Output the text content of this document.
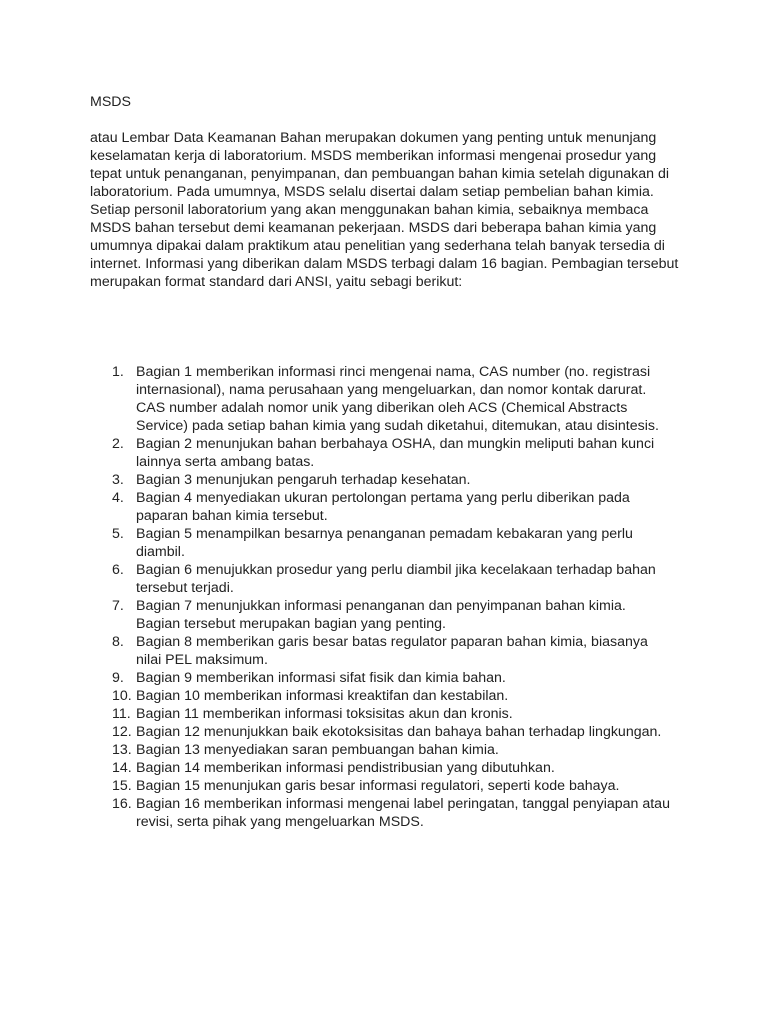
MSDS

atau Lembar Data Keamanan Bahan merupakan dokumen yang penting untuk menunjang keselamatan kerja di laboratorium. MSDS memberikan informasi mengenai prosedur yang tepat untuk penanganan, penyimpanan, dan pembuangan bahan kimia setelah digunakan di laboratorium. Pada umumnya, MSDS selalu disertai dalam setiap pembelian bahan kimia. Setiap personil laboratorium yang akan menggunakan bahan kimia, sebaiknya membaca MSDS bahan tersebut demi keamanan pekerjaan. MSDS dari beberapa bahan kimia yang umumnya dipakai dalam praktikum atau penelitian yang sederhana telah banyak tersedia di internet. Informasi yang diberikan dalam MSDS terbagi dalam 16 bagian. Pembagian tersebut merupakan format standard dari ANSI, yaitu sebagi berikut:

1. Bagian 1 memberikan informasi rinci mengenai nama, CAS number (no. registrasi internasional), nama perusahaan yang mengeluarkan, dan nomor kontak darurat. CAS number adalah nomor unik yang diberikan oleh ACS (Chemical Abstracts Service) pada setiap bahan kimia yang sudah diketahui, ditemukan, atau disintesis.
2. Bagian 2 menunjukan bahan berbahaya OSHA, dan mungkin meliputi bahan kunci lainnya serta ambang batas.
3. Bagian 3 menunjukan pengaruh terhadap kesehatan.
4. Bagian 4 menyediakan ukuran pertolongan pertama yang perlu diberikan pada paparan bahan kimia tersebut.
5. Bagian 5 menampilkan besarnya penanganan pemadam kebakaran yang perlu diambil.
6. Bagian 6 menujukkan prosedur yang perlu diambil jika kecelakaan terhadap bahan tersebut terjadi.
7. Bagian 7 menunjukkan informasi penanganan dan penyimpanan bahan kimia. Bagian tersebut merupakan bagian yang penting.
8. Bagian 8 memberikan garis besar batas regulator paparan bahan kimia, biasanya nilai PEL maksimum.
9. Bagian 9 memberikan informasi sifat fisik dan kimia bahan.
10. Bagian 10 memberikan informasi kreaktifan dan kestabilan.
11. Bagian 11 memberikan informasi toksisitas akun dan kronis.
12. Bagian 12 menunjukkan baik ekotoksisitas dan bahaya bahan terhadap lingkungan.
13. Bagian 13 menyediakan saran pembuangan bahan kimia.
14. Bagian 14 memberikan informasi pendistribusian yang dibutuhkan.
15. Bagian 15 menunjukan garis besar informasi regulatori, seperti kode bahaya.
16. Bagian 16 memberikan informasi mengenai label peringatan, tanggal penyiapan atau revisi, serta pihak yang mengeluarkan MSDS.
